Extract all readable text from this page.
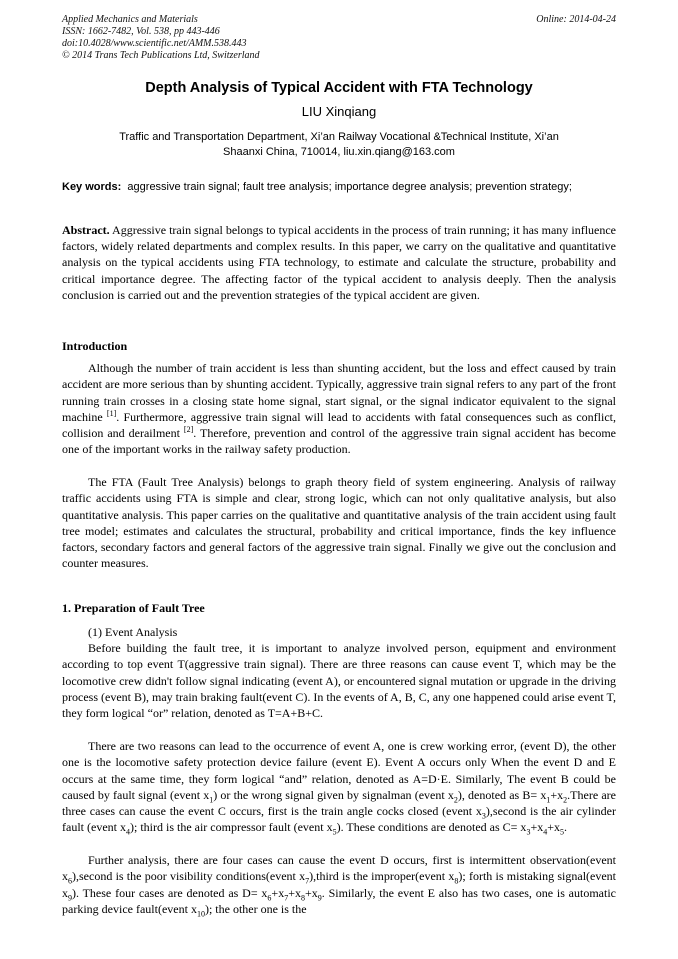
Applied Mechanics and Materials	Online: 2014-04-24
ISSN: 1662-7482, Vol. 538, pp 443-446
doi:10.4028/www.scientific.net/AMM.538.443
© 2014 Trans Tech Publications Ltd, Switzerland
Depth Analysis of Typical Accident with FTA Technology
LIU Xinqiang
Traffic and Transportation Department, Xi’an Railway Vocational &Technical Institute, Xi’an
Shaanxi China, 710014, liu.xin.qiang@163.com
Key words: aggressive train signal; fault tree analysis; importance degree analysis; prevention strategy;
Abstract. Aggressive train signal belongs to typical accidents in the process of train running; it has many influence factors, widely related departments and complex results. In this paper, we carry on the qualitative and quantitative analysis on the typical accidents using FTA technology, to estimate and calculate the structure, probability and critical importance degree. The affecting factor of the typical accident to analysis deeply. Then the analysis conclusion is carried out and the prevention strategies of the typical accident are given.
Introduction
Although the number of train accident is less than shunting accident, but the loss and effect caused by train accident are more serious than by shunting accident. Typically, aggressive train signal refers to any part of the front running train crosses in a closing state home signal, start signal, or the signal indicator equivalent to the signal machine [1]. Furthermore, aggressive train signal will lead to accidents with fatal consequences such as conflict, collision and derailment [2]. Therefore, prevention and control of the aggressive train signal accident has become one of the important works in the railway safety production.
The FTA (Fault Tree Analysis) belongs to graph theory field of system engineering. Analysis of railway traffic accidents using FTA is simple and clear, strong logic, which can not only qualitative analysis, but also quantitative analysis. This paper carries on the qualitative and quantitative analysis of the train accident using fault tree model; estimates and calculates the structural, probability and critical importance, finds the key influence factors, secondary factors and general factors of the aggressive train signal. Finally we give out the conclusion and counter measures.
1. Preparation of Fault Tree
(1) Event Analysis
Before building the fault tree, it is important to analyze involved person, equipment and environment according to top event T(aggressive train signal). There are three reasons can cause event T, which may be the locomotive crew didn't follow signal indicating (event A), or encountered signal mutation or upgrade in the driving process (event B), may train braking fault(event C). In the events of A, B, C, any one happened could arise event T, they form logical “or” relation, denoted as T=A+B+C.
There are two reasons can lead to the occurrence of event A, one is crew working error, (event D), the other one is the locomotive safety protection device failure (event E). Event A occurs only When the event D and E occurs at the same time, they form logical “and” relation, denoted as A=D·E. Similarly, The event B could be caused by fault signal (event $x_1$) or the wrong signal given by signalman (event $x_2$), denoted as $B= x_1+x_2.There$ are three cases can cause the event C occurs, first is the train angle cocks closed (event $x_3),second$ is the air cylinder fault (event $x_4$); third is the air compressor fault (event $x_5$). These conditions are denoted as $C= x_3+x_4+x_5$.
Further analysis, there are four cases can cause the event D occurs, first is intermittent observation(event $x_6),second$ is the poor visibility conditions(event $x_7),third$ is the improper(event $x_8$); forth is mistaking signal(event $x_9$). These four cases are denoted as $D= x_6+x_7+x_8+x_9$. Similarly, the event E also has two cases, one is automatic parking device fault(event $x_{10}$); the other one is the
